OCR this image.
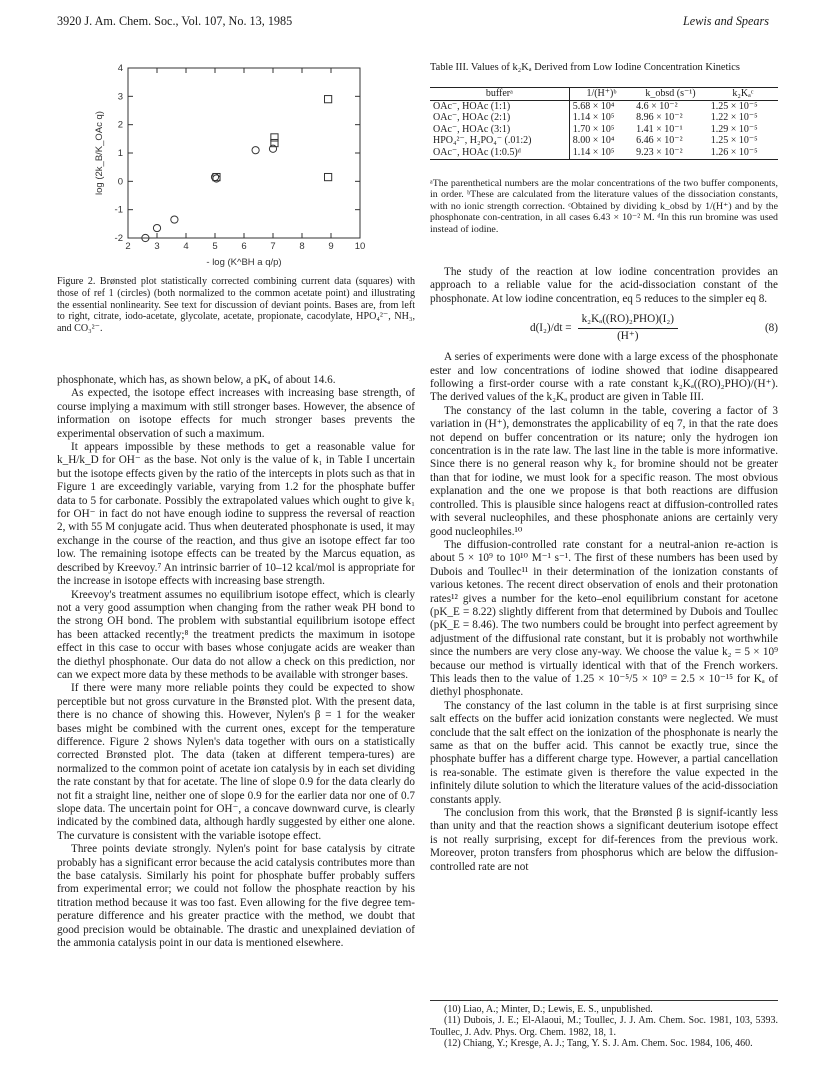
3920 J. Am. Chem. Soc., Vol. 107, No. 13, 1985	Lewis and Spears
2 3 4 5 6 7 8 9 10
4
3
2
1
0
-1
-2
- log (K^BH a q/p)
log (2k_B/K_OAc q)
Figure 2. Brønsted plot statistically corrected combining current data (squares) with those of ref 1 (circles) (both normalized to the common acetate point) and illustrating the essential nonlinearity. See text for discussion of deviant points. Bases are, from left to right, citrate, iodo-acetate, glycolate, acetate, propionate, cacodylate, HPO₄²⁻, NH₃, and CO₃²⁻.

phosphonate, which has, as shown below, a pKₐ of about 14.6.

As expected, the isotope effect increases with increasing base strength, of course implying a maximum with still stronger bases. However, the absence of information on isotope effects for much stronger bases prevents the experimental observation of such a maximum.

It appears impossible by these methods to get a reasonable value for k_H/k_D for OH⁻ as the base. Not only is the value of k₁ in Table I uncertain but the isotope effects given by the ratio of the intercepts in plots such as that in Figure 1 are exceedingly variable, varying from 1.2 for the phosphate buffer data to 5 for carbonate. Possibly the extrapolated values which ought to give k₁ for OH⁻ in fact do not have enough iodine to suppress the reversal of reaction 2, with 55 M conjugate acid. Thus when deuterated phosphonate is used, it may exchange in the course of the reaction, and thus give an isotope effect far too low. The remaining isotope effects can be treated by the Marcus equation, as described by Kreevoy.⁷ An intrinsic barrier of 10–12 kcal/mol is appropriate for the increase in isotope effects with increasing base strength.

Kreevoy's treatment assumes no equilibrium isotope effect, which is clearly not a very good assumption when changing from the rather weak PH bond to the strong OH bond. The problem with substantial equilibrium isotope effect has been attacked recently;⁸ the treatment predicts the maximum in isotope effect in this case to occur with bases whose conjugate acids are weaker than the diethyl phosphonate. Our data do not allow a check on this prediction, nor can we expect more data by these methods to be available with stronger bases.

If there were many more reliable points they could be expected to show perceptible but not gross curvature in the Brønsted plot. With the present data, there is no chance of showing this. However, Nylen's β = 1 for the weaker bases might be combined with the current ones, except for the temperature difference. Figure 2 shows Nylen's data together with ours on a statistically corrected Brønsted plot. The data (taken at different tempera-tures) are normalized to the common point of acetate ion catalysis by in each set dividing the rate constant by that for acetate. The line of slope 0.9 for the data clearly do not fit a straight line, neither one of slope 0.9 for the earlier data nor one of 0.7 slope data. The uncertain point for OH⁻, a concave downward curve, is clearly indicated by the combined data, although hardly suggested by either one alone. The curvature is consistent with the variable isotope effect.

Three points deviate strongly. Nylen's point for base catalysis by citrate probably has a significant error because the acid catalysis contributes more than the base catalysis. Similarly his point for phosphate buffer probably suffers from experimental error; we could not follow the phosphate reaction by his titration method because it was too fast. Even allowing for the five degree tem-perature difference and his greater practice with the method, we doubt that good precision would be obtainable. The drastic and unexplained deviation of the ammonia catalysis point in our data is mentioned elsewhere.

Table III. Values of k₂Kₐ Derived from Low Iodine Concentration Kinetics
bufferᵃ	1/(H⁺)ᵇ	k_obsd (s⁻¹)	k₂Kₐᶜ
OAc⁻, HOAc (1:1)	5.68 × 10⁴	4.6 × 10⁻²	1.25 × 10⁻⁵
OAc⁻, HOAc (2:1)	1.14 × 10⁵	8.96 × 10⁻²	1.22 × 10⁻⁵
OAc⁻, HOAc (3:1)	1.70 × 10⁵	1.41 × 10⁻¹	1.29 × 10⁻⁵
HPO₄²⁻, H₂PO₄⁻ (.01:2)	8.00 × 10⁴	6.46 × 10⁻²	1.25 × 10⁻⁵
OAc⁻, HOAc (1:0.5)ᵈ	1.14 × 10⁵	9.23 × 10⁻²	1.26 × 10⁻⁵
ᵃThe parenthetical numbers are the molar concentrations of the two buffer components, in order. ᵇThese are calculated from the literature values of the dissociation constants, with no ionic strength correction. ᶜObtained by dividing k_obsd by 1/(H⁺) and by the phosphonate con-centration, in all cases 6.43 × 10⁻² M. ᵈIn this run bromine was used instead of iodine.

The study of the reaction at low iodine concentration provides an approach to a reliable value for the acid-dissociation constant of the phosphonate. At low iodine concentration, eq 5 reduces to the simpler eq 8.

$d(I_2)/dt = \frac{\text{k₂Kₐ((RO)₂PHO)(I₂)}}{(H^+)}$	(8)

A series of experiments were done with a large excess of the phosphonate ester and low concentrations of iodine showed that iodine disappeared following a first-order course with a rate constant k₂Kₐ((RO)₂PHO)/(H⁺). The derived values of the k₂Kₐ product are given in Table III.

The constancy of the last column in the table, covering a factor of 3 variation in (H⁺), demonstrates the applicability of eq 7, in that the rate does not depend on buffer concentration or its nature; only the hydrogen ion concentration is in the rate law. The last line in the table is more informative. Since there is no general reason why k₂ for bromine should not be greater than that for iodine, we must look for a specific reason. The most obvious explanation and the one we propose is that both reactions are diffusion controlled. This is plausible since halogens react at diffusion-controlled rates with several nucleophiles, and these phosphonate anions are certainly very good nucleophiles.¹⁰

The diffusion-controlled rate constant for a neutral-anion re-action is about 5 × 10⁹ to 10¹⁰ M⁻¹ s⁻¹. The first of these numbers has been used by Dubois and Toullec¹¹ in their determination of the ionization constants of various ketones. The recent direct observation of enols and their protonation rates¹² gives a number for the keto–enol equilibrium constant for acetone (pK_E = 8.22) slightly different from that determined by Dubois and Toullec (pK_E = 8.46). The two numbers could be brought into perfect agreement by adjustment of the diffusional rate constant, but it is probably not worthwhile since the numbers are very close any-way. We choose the value k₂ = 5 × 10⁹ because our method is virtually identical with that of the French workers. This leads then to the value of 1.25 × 10⁻⁵/5 × 10⁹ = 2.5 × 10⁻¹⁵ for Kₐ of diethyl phosphonate.

The constancy of the last column in the table is at first surprising since salt effects on the buffer acid ionization constants were neglected. We must conclude that the salt effect on the ionization of the phosphonate is nearly the same as that on the buffer acid. This cannot be exactly true, since the phosphate buffer has a different charge type. However, a partial cancellation is rea-sonable. The estimate given is therefore the value expected in the infinitely dilute solution to which the literature values of the acid-dissociation constants apply.

The conclusion from this work, that the Brønsted β is signif-icantly less than unity and that the reaction shows a significant deuterium isotope effect is not really surprising, except for dif-ferences from the previous work. Moreover, proton transfers from phosphorus which are below the diffusion-controlled rate are not

(10) Liao, A.; Minter, D.; Lewis, E. S., unpublished.

(11) Dubois, J. E.; El-Alaoui, M.; Toullec, J. J. Am. Chem. Soc. 1981, 103, 5393. Toullec, J. Adv. Phys. Org. Chem. 1982, 18, 1.

(12) Chiang, Y.; Kresge, A. J.; Tang, Y. S. J. Am. Chem. Soc. 1984, 106, 460.
